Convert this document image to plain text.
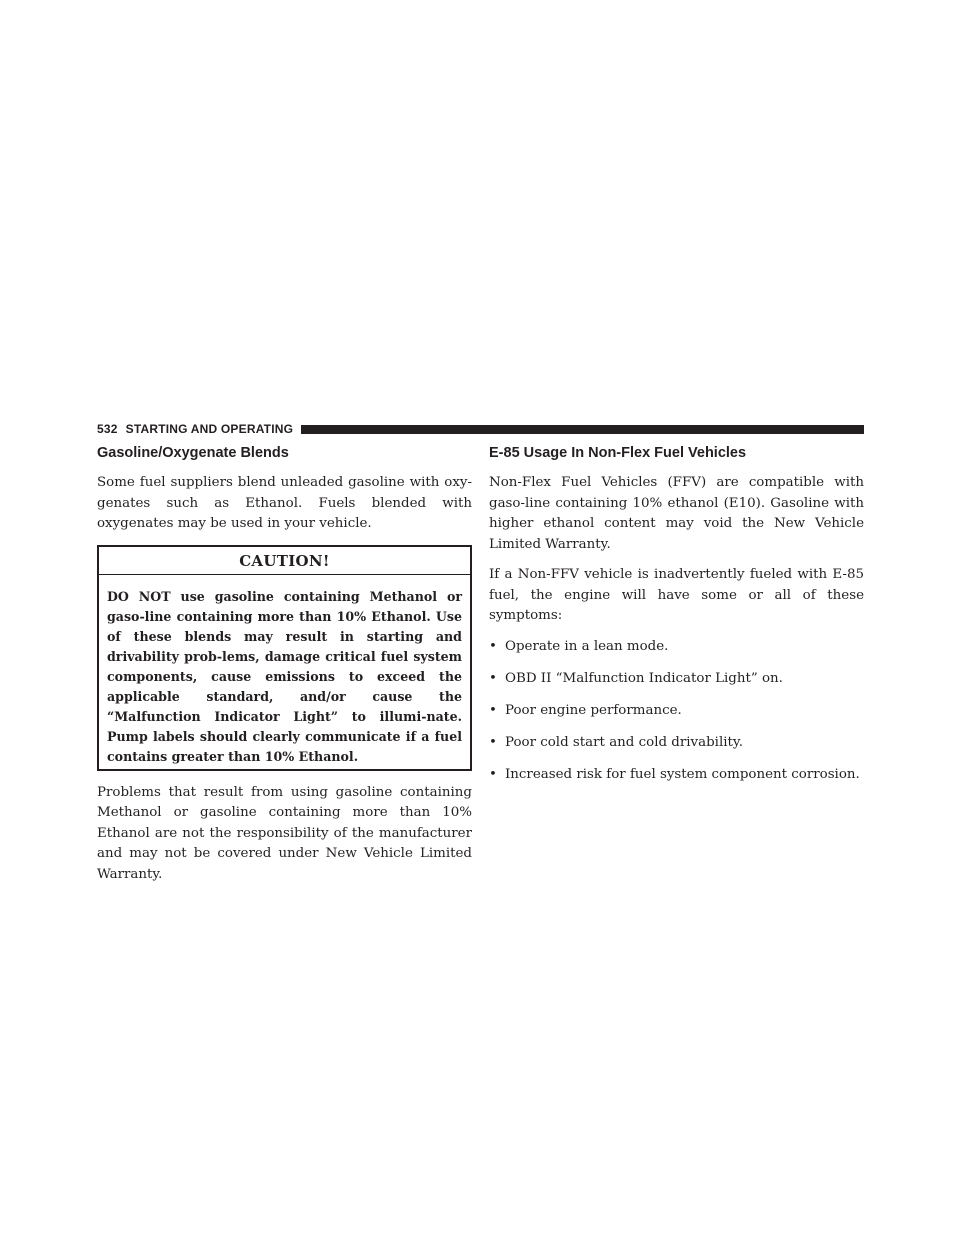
532 STARTING AND OPERATING
Gasoline/Oxygenate Blends

Some fuel suppliers blend unleaded gasoline with oxy-genates such as Ethanol. Fuels blended with oxygenates may be used in your vehicle.

CAUTION!

DO NOT use gasoline containing Methanol or gaso-line containing more than 10% Ethanol. Use of these blends may result in starting and drivability prob-lems, damage critical fuel system components, cause emissions to exceed the applicable standard, and/or cause the “Malfunction Indicator Light” to illumi-nate. Pump labels should clearly communicate if a fuel contains greater than 10% Ethanol.

Problems that result from using gasoline containing Methanol or gasoline containing more than 10% Ethanol are not the responsibility of the manufacturer and may not be covered under New Vehicle Limited Warranty.

E-85 Usage In Non-Flex Fuel Vehicles

Non-Flex Fuel Vehicles (FFV) are compatible with gaso-line containing 10% ethanol (E10). Gasoline with higher ethanol content may void the New Vehicle Limited Warranty.

If a Non-FFV vehicle is inadvertently fueled with E-85 fuel, the engine will have some or all of these symptoms:

• Operate in a lean mode.
• OBD II “Malfunction Indicator Light” on.
• Poor engine performance.
• Poor cold start and cold drivability.
• Increased risk for fuel system component corrosion.
